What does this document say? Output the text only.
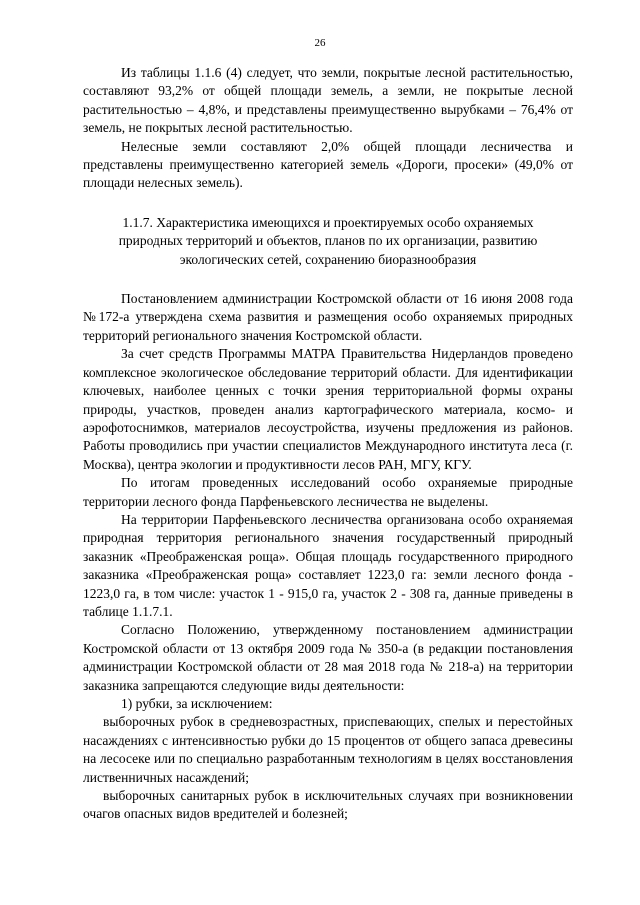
26

Из таблицы 1.1.6 (4) следует, что земли, покрытые лесной растительностью, составляют 93,2% от общей площади земель, а земли, не покрытые лесной растительностью – 4,8%, и представлены преимущественно вырубками – 76,4% от земель, не покрытых лесной растительностью.

Нелесные земли составляют 2,0% общей площади лесничества и представлены преимущественно категорией земель «Дороги, просеки» (49,0% от площади нелесных земель).

1.1.7. Характеристика имеющихся и проектируемых особо охраняемых природных территорий и объектов, планов по их организации, развитию экологических сетей, сохранению биоразнообразия

Постановлением администрации Костромской области от 16 июня 2008 года №172-а утверждена схема развития и размещения особо охраняемых природных территорий регионального значения Костромской области.

За счет средств Программы МАТРА Правительства Нидерландов проведено комплексное экологическое обследование территорий области. Для идентификации ключевых, наиболее ценных с точки зрения территориальной формы охраны природы, участков, проведен анализ картографического материала, космо- и аэрофотоснимков, материалов лесоустройства, изучены предложения из районов. Работы проводились при участии специалистов Международного института леса (г. Москва), центра экологии и продуктивности лесов РАН, МГУ, КГУ.

По итогам проведенных исследований особо охраняемые природные территории лесного фонда Парфеньевского лесничества не выделены.

На территории Парфеньевского лесничества организована особо охраняемая природная территория регионального значения государственный природный заказник «Преображенская роща». Общая площадь государственного природного заказника «Преображенская роща» составляет 1223,0 га: земли лесного фонда - 1223,0 га, в том числе: участок 1 - 915,0 га, участок 2 - 308 га, данные приведены в таблице 1.1.7.1.

Согласно Положению, утвержденному постановлением администрации Костромской области от 13 октября 2009 года № 350-а (в редакции постановления администрации Костромской области от 28 мая 2018 года № 218-а) на территории заказника запрещаются следующие виды деятельности:

1) рубки, за исключением:

выборочных рубок в средневозрастных, приспевающих, спелых и перестойных насаждениях с интенсивностью рубки до 15 процентов от общего запаса древесины на лесосеке или по специально разработанным технологиям в целях восстановления лиственничных насаждений;

выборочных санитарных рубок в исключительных случаях при возникновении очагов опасных видов вредителей и болезней;
